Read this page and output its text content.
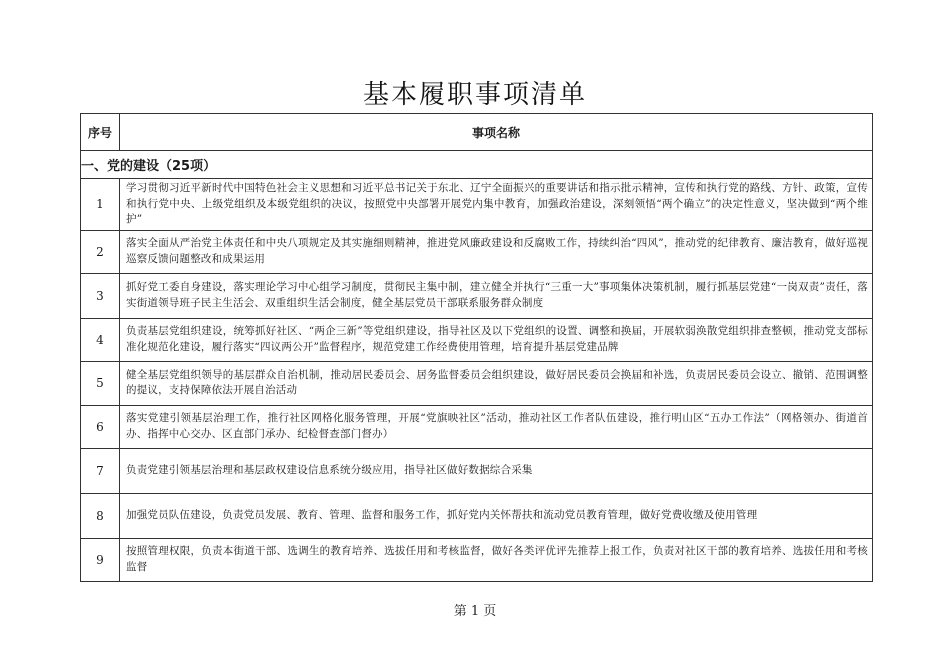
基本履职事项清单
序号	事项名称
一、党的建设（25项）	
1	学习贯彻习近平新时代中国特色社会主义思想和习近平总书记关于东北、辽宁全面振兴的重要讲话和指示批示精神，宣传和执行党的路线、方针、政策，宣传和执行党中央、上级党组织及本级党组织的决议，按照党中央部署开展党内集中教育，加强政治建设，深刻领悟“两个确立”的决定性意义，坚决做到“两个维护”
2	落实全面从严治党主体责任和中央八项规定及其实施细则精神，推进党风廉政建设和反腐败工作，持续纠治“四风”，推动党的纪律教育、廉洁教育，做好巡视巡察反馈问题整改和成果运用
3	抓好党工委自身建设，落实理论学习中心组学习制度，贯彻民主集中制，建立健全并执行“三重一大”事项集体决策机制，履行抓基层党建“一岗双责”责任，落实街道领导班子民主生活会、双重组织生活会制度，健全基层党员干部联系服务群众制度
4	负责基层党组织建设，统筹抓好社区、“两企三新”等党组织建设，指导社区及以下党组织的设置、调整和换届，开展软弱涣散党组织排查整顿，推动党支部标准化规范化建设，履行落实“四议两公开”监督程序，规范党建工作经费使用管理，培育提升基层党建品牌
5	健全基层党组织领导的基层群众自治机制，推动居民委员会、居务监督委员会组织建设，做好居民委员会换届和补选，负责居民委员会设立、撤销、范围调整的提议，支持保障依法开展自治活动
6	落实党建引领基层治理工作，推行社区网格化服务管理，开展“党旗映社区”活动，推动社区工作者队伍建设，推行明山区“五办工作法”（网格领办、街道首办、指挥中心交办、区直部门承办、纪检督查部门督办）
7	负责党建引领基层治理和基层政权建设信息系统分级应用，指导社区做好数据综合采集
8	加强党员队伍建设，负责党员发展、教育、管理、监督和服务工作，抓好党内关怀帮扶和流动党员教育管理，做好党费收缴及使用管理
9	按照管理权限，负责本街道干部、选调生的教育培养、选拔任用和考核监督，做好各类评优评先推荐上报工作，负责对社区干部的教育培养、选拔任用和考核监督
第 1 页
